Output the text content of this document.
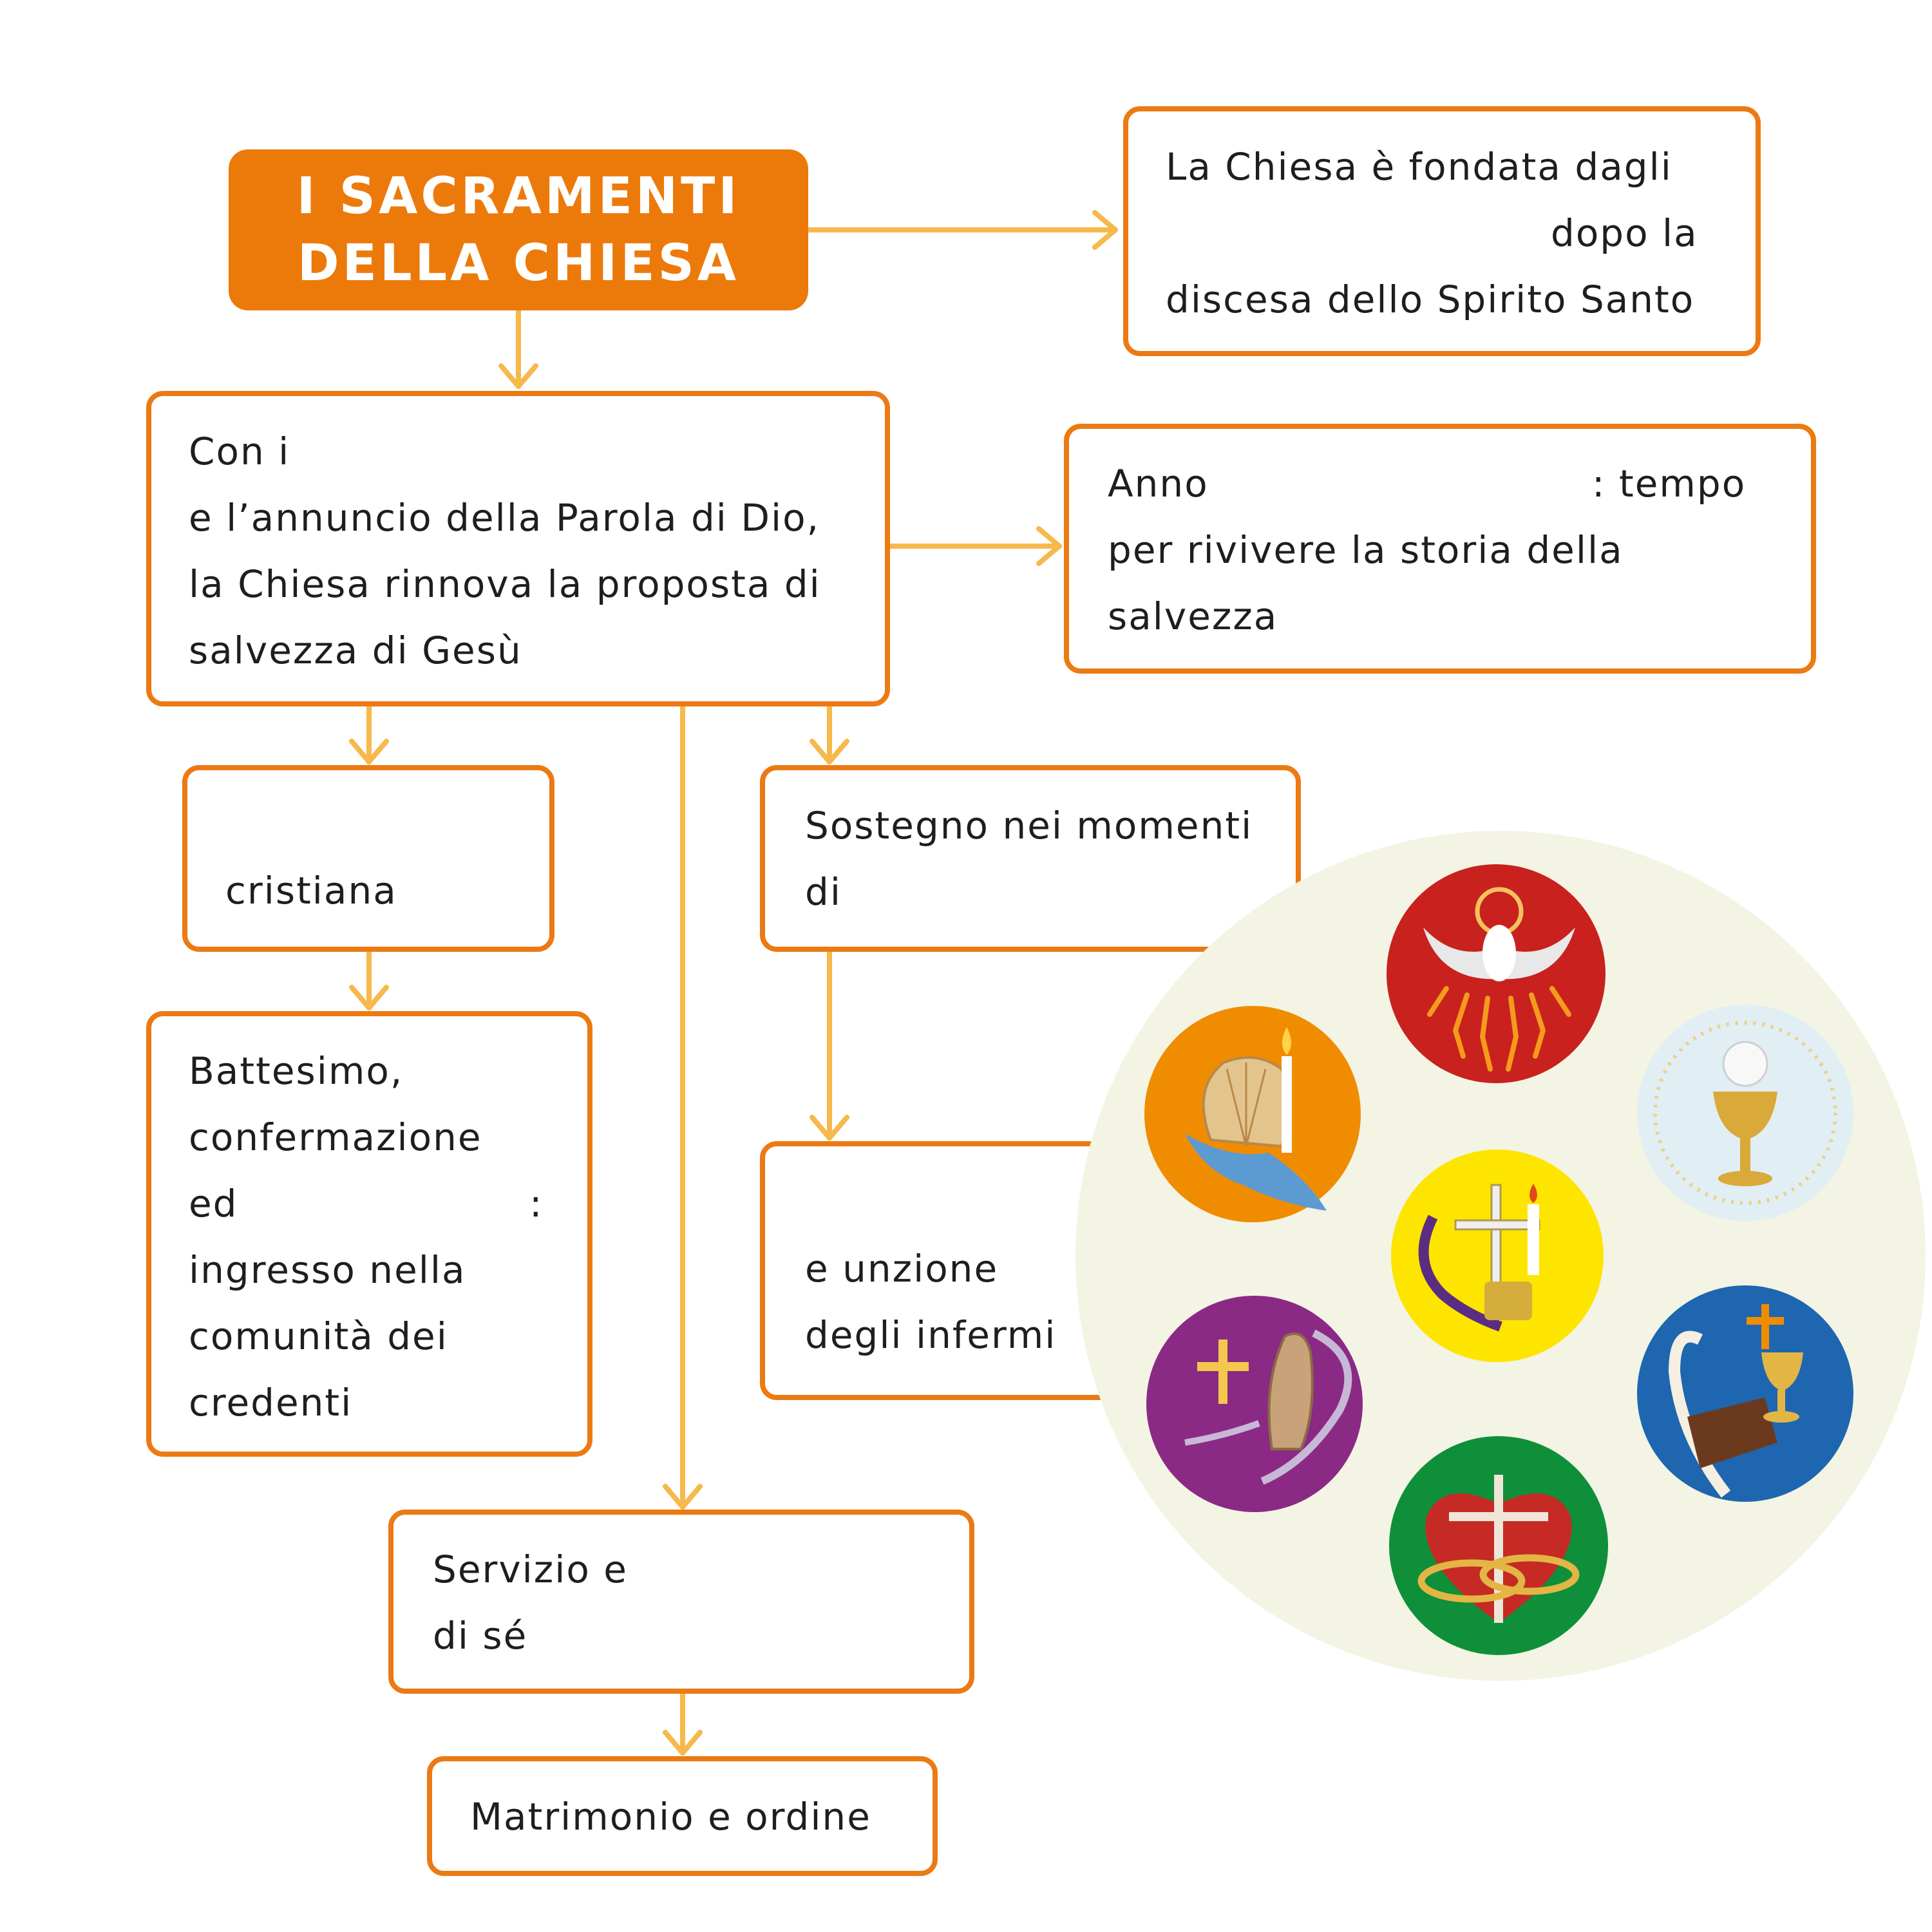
I SACRAMENTI
DELLA CHIESA
La Chiesa è fondata dagli
dopo la
discesa dello Spirito Santo
Con i
e l’annuncio della Parola di Dio,
la Chiesa rinnova la proposta di
salvezza di Gesù
Anno	: tempo
per rivivere la storia della
salvezza
cristiana
Battesimo,
confermazione
ed	:
ingresso nella
comunità dei
credenti
Sostegno nei momenti
di
e unzione
degli infermi
Servizio e
di sé
Matrimonio e ordine
